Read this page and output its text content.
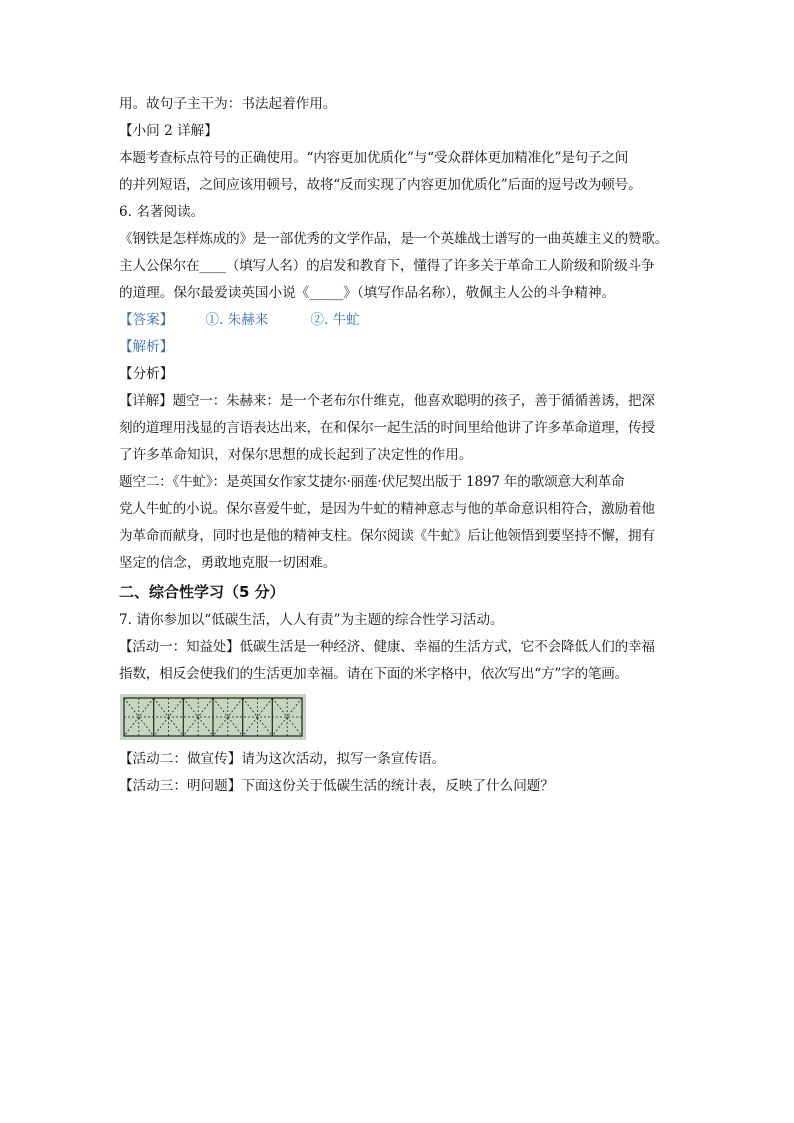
用。故句子主干为：书法起着作用。
【小问 2 详解】
本题考查标点符号的正确使用。“内容更加优质化”与“受众群体更加精准化”是句子之间
的并列短语，之间应该用顿号，故将“反而实现了内容更加优质化”后面的逗号改为顿号。
6. 名著阅读。
《钢铁是怎样炼成的》是一部优秀的文学作品，是一个英雄战士谱写的一曲英雄主义的赞歌。
主人公保尔在____（填写人名）的启发和教育下，懂得了许多关于革命工人阶级和阶级斗争
的道理。保尔最爱读英国小说《_____》（填写作品名称），敬佩主人公的斗争精神。
【答案】 ①. 朱赫来	②. 牛虻
【解析】
【分析】
【详解】题空一：朱赫来：是一个老布尔什维克，他喜欢聪明的孩子，善于循循善诱，把深
刻的道理用浅显的言语表达出来，在和保尔一起生活的时间里给他讲了许多革命道理，传授
了许多革命知识，对保尔思想的成长起到了决定性的作用。
题空二：《牛虻》：是英国女作家艾捷尔·丽莲·伏尼契出版于 1897 年的歌颂意大利革命
党人牛虻的小说。保尔喜爱牛虻，是因为牛虻的精神意志与他的革命意识相符合，激励着他
为革命而献身，同时也是他的精神支柱。保尔阅读《牛虻》后让他领悟到要坚持不懈，拥有
坚定的信念，勇敢地克服一切困难。
二、综合性学习（5 分）
7. 请你参加以“低碳生活，人人有责”为主题的综合性学习活动。
【活动一：知益处】低碳生活是一种经济、健康、幸福的生活方式，它不会降低人们的幸福
指数，相反会使我们的生活更加幸福。请在下面的米字格中，依次写出“方”字的笔画。
【活动二：做宣传】请为这次活动，拟写一条宣传语。
【活动三：明问题】下面这份关于低碳生活的统计表，反映了什么问题？
